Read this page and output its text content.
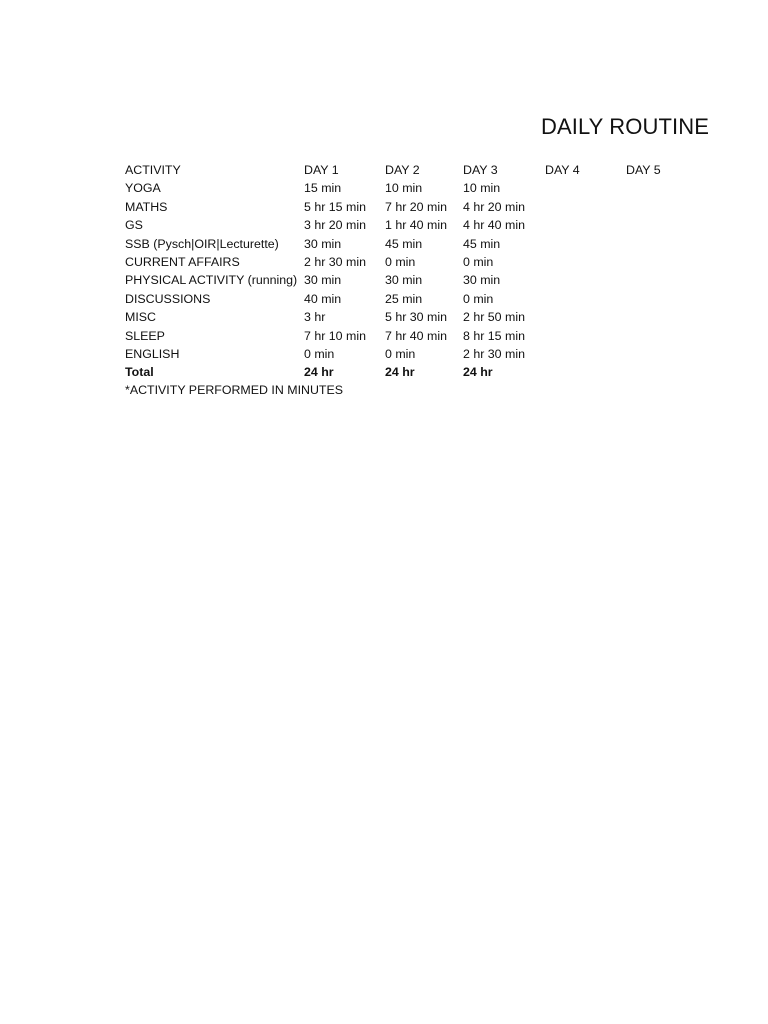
DAILY ROUTINE
ACTIVITY	DAY 1	DAY 2	DAY 3	DAY 4	DAY 5
YOGA	15 min	10 min	10 min		
MATHS	5 hr 15 min	7 hr 20 min	4 hr 20 min		
GS	3 hr 20 min	1 hr 40 min	4 hr 40 min		
SSB (Pysch|OIR|Lecturette)	30 min	45 min	45 min		
CURRENT AFFAIRS	2 hr 30 min	0 min	0 min		
PHYSICAL ACTIVITY (running)	30 min	30 min	30 min		
DISCUSSIONS	40 min	25 min	0 min		
MISC	3 hr	5 hr 30 min	2 hr 50 min		
SLEEP	7 hr 10 min	7 hr 40 min	8 hr 15 min		
ENGLISH	0 min	0 min	2 hr 30 min		
Total	24 hr	24 hr	24 hr		
*ACTIVITY PERFORMED IN MINUTES
